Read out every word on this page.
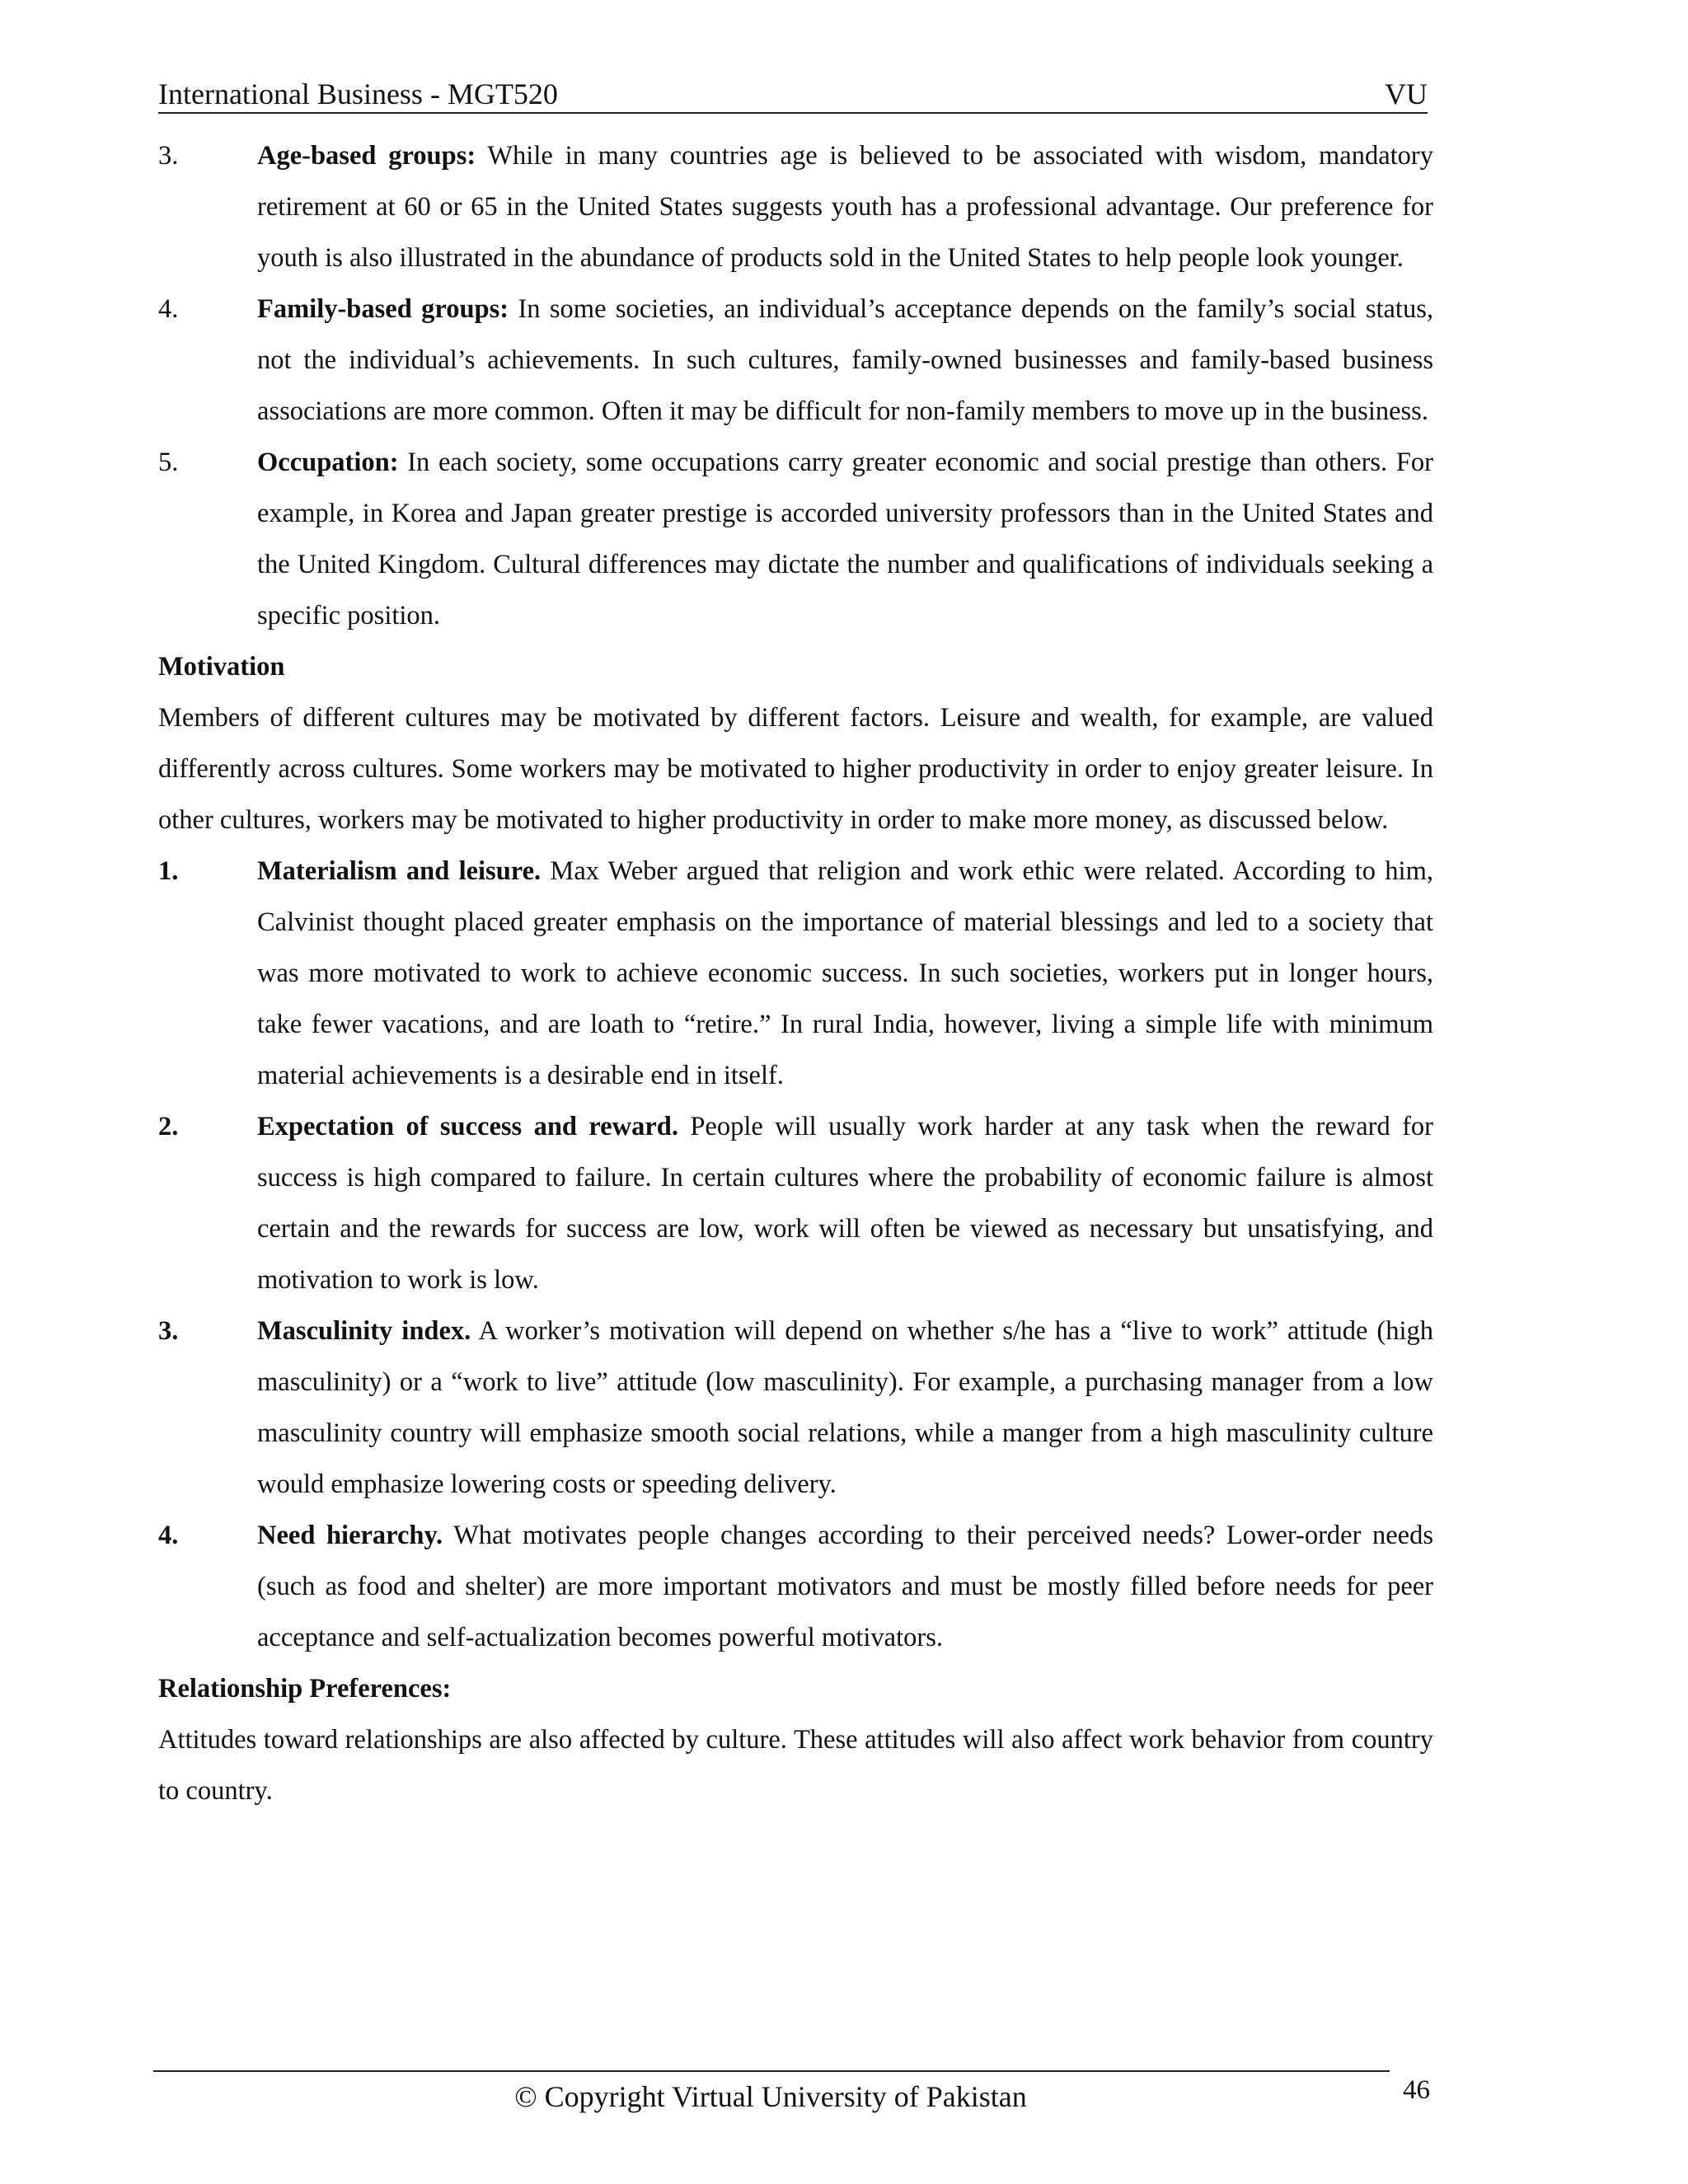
International Business - MGT520	VU
3.	Age-based groups: While in many countries age is believed to be associated with wisdom, mandatory retirement at 60 or 65 in the United States suggests youth has a professional advantage. Our preference for youth is also illustrated in the abundance of products sold in the United States to help people look younger.
4.	Family-based groups: In some societies, an individual’s acceptance depends on the family’s social status, not the individual’s achievements. In such cultures, family-owned businesses and family-based business associations are more common. Often it may be difficult for non-family members to move up in the business.
5.	Occupation: In each society, some occupations carry greater economic and social prestige than others. For example, in Korea and Japan greater prestige is accorded university professors than in the United States and the United Kingdom. Cultural differences may dictate the number and qualifications of individuals seeking a specific position.
Motivation
Members of different cultures may be motivated by different factors. Leisure and wealth, for example, are valued differently across cultures. Some workers may be motivated to higher productivity in order to enjoy greater leisure. In other cultures, workers may be motivated to higher productivity in order to make more money, as discussed below.
1.	Materialism and leisure. Max Weber argued that religion and work ethic were related. According to him, Calvinist thought placed greater emphasis on the importance of material blessings and led to a society that was more motivated to work to achieve economic success. In such societies, workers put in longer hours, take fewer vacations, and are loath to “retire.” In rural India, however, living a simple life with minimum material achievements is a desirable end in itself.
2.	Expectation of success and reward. People will usually work harder at any task when the reward for success is high compared to failure. In certain cultures where the probability of economic failure is almost certain and the rewards for success are low, work will often be viewed as necessary but unsatisfying, and motivation to work is low.
3.	Masculinity index. A worker’s motivation will depend on whether s/he has a “live to work” attitude (high masculinity) or a “work to live” attitude (low masculinity). For example, a purchasing manager from a low masculinity country will emphasize smooth social relations, while a manger from a high masculinity culture would emphasize lowering costs or speeding delivery.
4.	Need hierarchy. What motivates people changes according to their perceived needs? Lower-order needs (such as food and shelter) are more important motivators and must be mostly filled before needs for peer acceptance and self-actualization becomes powerful motivators.
Relationship Preferences:
Attitudes toward relationships are also affected by culture. These attitudes will also affect work behavior from country to country.
© Copyright Virtual University of Pakistan	46
